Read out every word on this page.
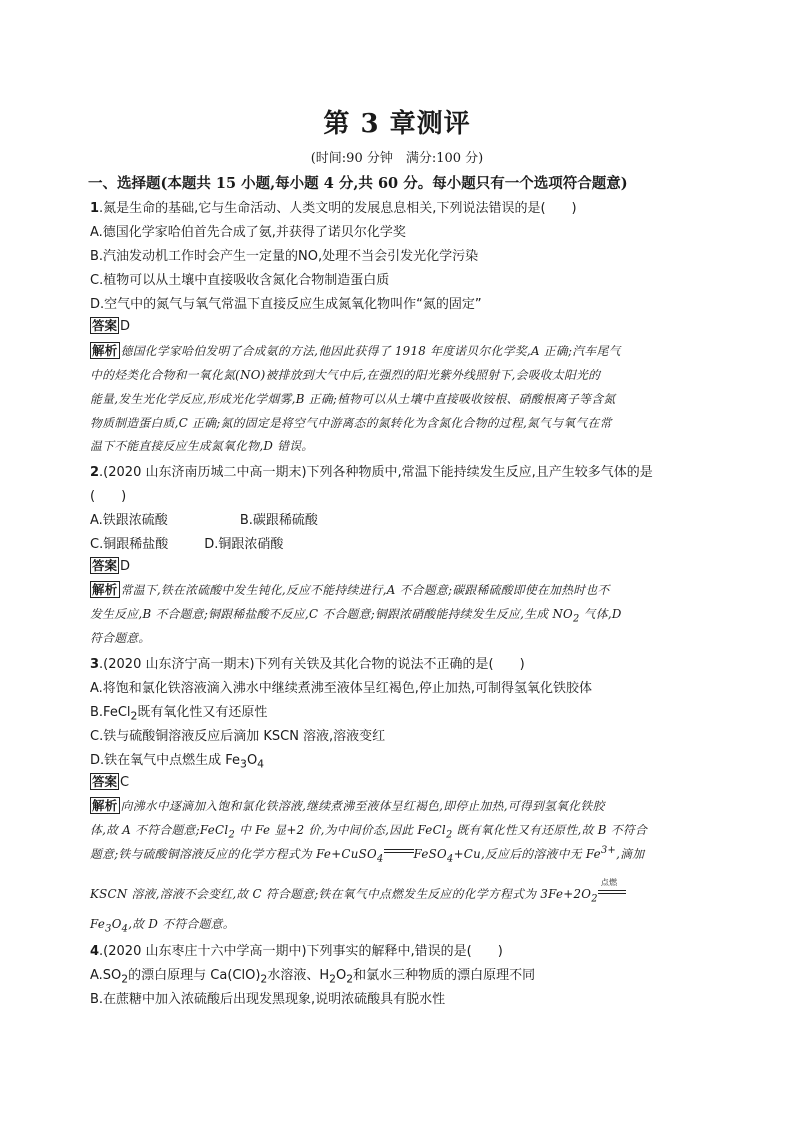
第 3 章测评
(时间:90 分钟　满分:100 分)
一、选择题(本题共 15 小题,每小题 4 分,共 60 分。每小题只有一个选项符合题意)
1.氮是生命的基础,它与生命活动、人类文明的发展息息相关,下列说法错误的是(　　)
A.德国化学家哈伯首先合成了氨,并获得了诺贝尔化学奖
B.汽油发动机工作时会产生一定量的NO,处理不当会引发光化学污染
C.植物可以从土壤中直接吸收含氮化合物制造蛋白质
D.空气中的氮气与氧气常温下直接反应生成氮氧化物叫作“氮的固定”
答案 D
解析 德国化学家哈伯发明了合成氨的方法,他因此获得了 1918 年度诺贝尔化学奖,A 正确;汽车尾气
中的烃类化合物和一氧化氮(NO)被排放到大气中后,在强烈的阳光紫外线照射下,会吸收太阳光的
能量,发生光化学反应,形成光化学烟雾,B 正确;植物可以从土壤中直接吸收铵根、硝酸根离子等含氮
物质制造蛋白质,C 正确;氮的固定是将空气中游离态的氮转化为含氮化合物的过程,氮气与氧气在常
温下不能直接反应生成氮氧化物,D 错误。
2.(2020 山东济南历城二中高一期末)下列各种物质中,常温下能持续发生反应,且产生较多气体的是
(　　)
A.铁跟浓硫酸	B.碳跟稀硫酸
C.铜跟稀盐酸	D.铜跟浓硝酸
答案 D
解析 常温下,铁在浓硫酸中发生钝化,反应不能持续进行,A 不合题意;碳跟稀硫酸即使在加热时也不
发生反应,B 不合题意;铜跟稀盐酸不反应,C 不合题意;铜跟浓硝酸能持续发生反应,生成 $NO_2$ 气体,D
符合题意。
3.(2020 山东济宁高一期末)下列有关铁及其化合物的说法不正确的是(　　)
A.将饱和氯化铁溶液滴入沸水中继续煮沸至液体呈红褐色,停止加热,可制得氢氧化铁胶体
B.FeCl$_2$既有氧化性又有还原性
C.铁与硫酸铜溶液反应后滴加 KSCN 溶液,溶液变红
D.铁在氧气中点燃生成 $Fe_3O_4$
答案 C
解析 向沸水中逐滴加入饱和氯化铁溶液,继续煮沸至液体呈红褐色,即停止加热,可得到氢氧化铁胶
体,故 A 不符合题意;FeCl$_2$ 中 Fe 显+2 价,为中间价态,因此 FeCl$_2$ 既有氧化性又有还原性,故 B 不符合
题意;铁与硫酸铜溶液反应的化学方程式为 Fe+CuSO$_4$	FeSO$_4$+Cu,反应后的溶液中无 $Fe^{3+}$,滴加
KSCN 溶液,溶液不会变红,故 C 符合题意;铁在氧气中点燃发生反应的化学方程式为 $3Fe+2O_2$
点燃
$Fe_3O_4$,故 D 不符合题意。
4.(2020 山东枣庄十六中学高一期中)下列事实的解释中,错误的是(　　)
$A.SO_2$的漂白原理与 $Ca(ClO)_2$水溶液、$H_2O_2$和氯水三种物质的漂白原理不同
B.在蔗糖中加入浓硫酸后出现发黑现象,说明浓硫酸具有脱水性
